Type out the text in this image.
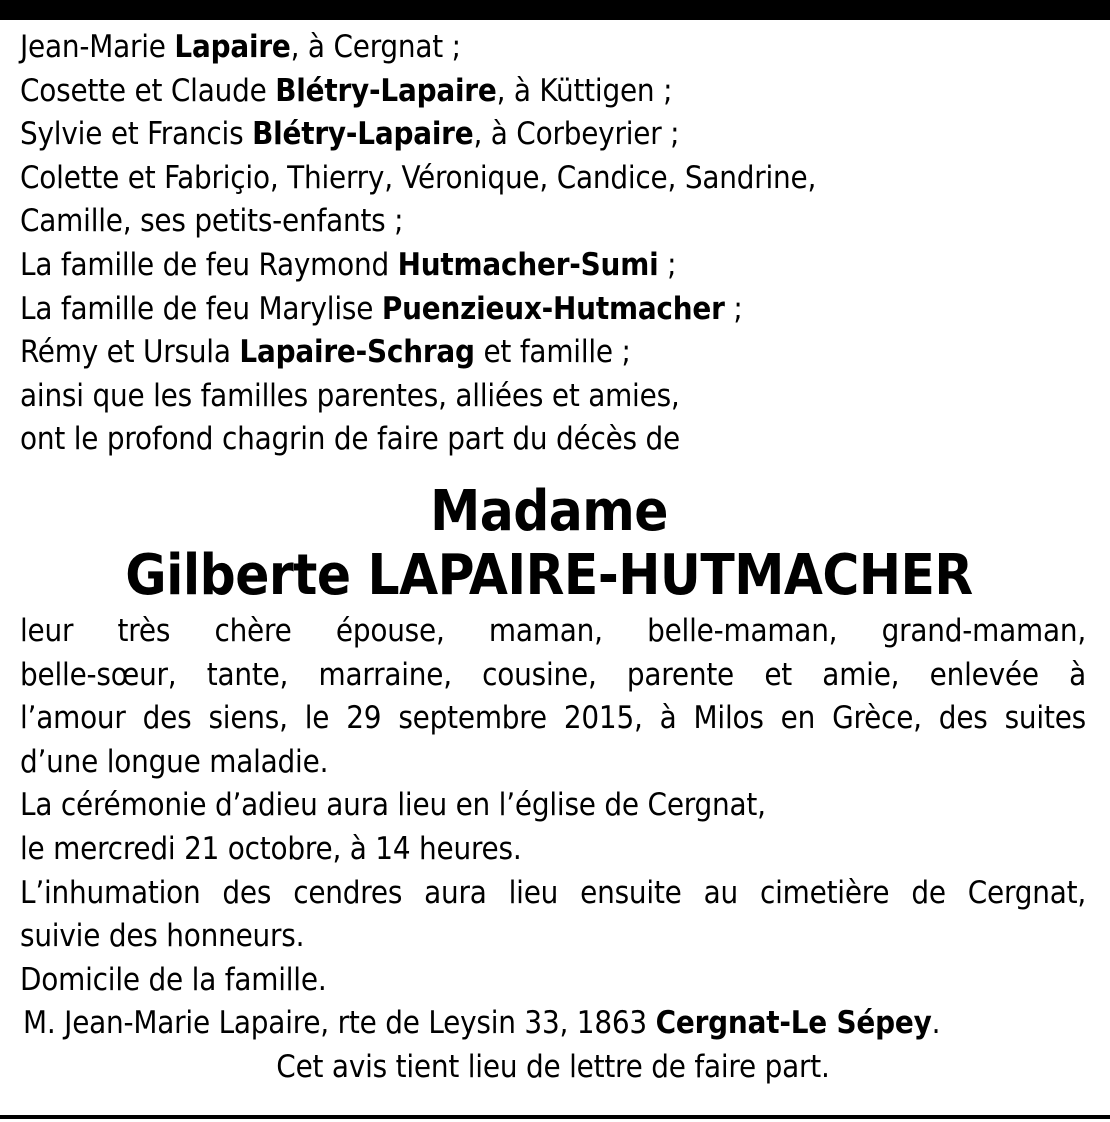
Jean-Marie Lapaire, à Cergnat ;
Cosette et Claude Blétry-Lapaire, à Küttigen ;
Sylvie et Francis Blétry-Lapaire, à Corbeyrier ;
Colette et Fabriçio, Thierry, Véronique, Candice, Sandrine,
Camille, ses petits-enfants ;
La famille de feu Raymond Hutmacher-Sumi ;
La famille de feu Marylise Puenzieux-Hutmacher ;
Rémy et Ursula Lapaire-Schrag et famille ;
ainsi que les familles parentes, alliées et amies,
ont le profond chagrin de faire part du décès de
Madame
Gilberte LAPAIRE-HUTMACHER
leur très chère épouse, maman, belle-maman, grand-maman,
belle-sœur, tante, marraine, cousine, parente et amie, enlevée à
l’amour des siens, le 29 septembre 2015, à Milos en Grèce, des suites
d’une longue maladie.
La cérémonie d’adieu aura lieu en l’église de Cergnat,
le mercredi 21 octobre, à 14 heures.
L’inhumation des cendres aura lieu ensuite au cimetière de Cergnat,
suivie des honneurs.
Domicile de la famille.
M. Jean-Marie Lapaire, rte de Leysin 33, 1863 Cergnat-Le Sépey.
Cet avis tient lieu de lettre de faire part.
